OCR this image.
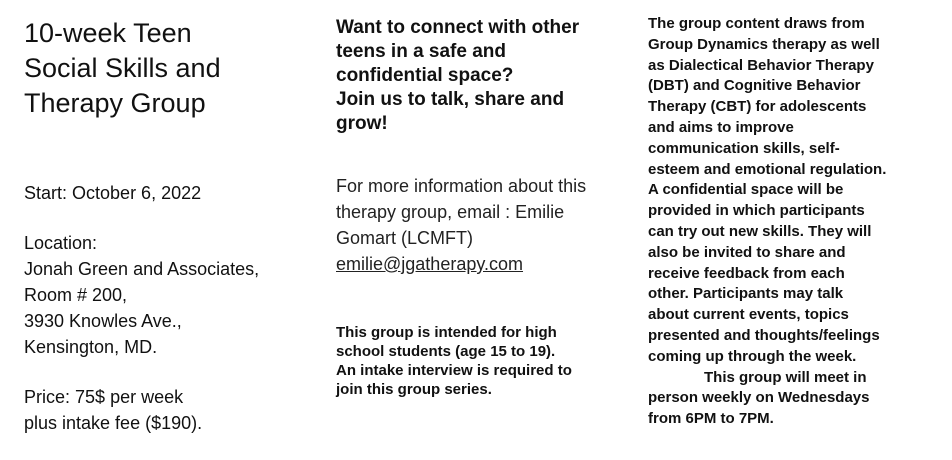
10-week Teen
Social Skills and
Therapy Group

Start: October 6, 2022

Location:
Jonah Green and Associates,
Room # 200,
3930 Knowles Ave.,
Kensington, MD.

Price: 75$ per week
plus intake fee ($190).

Want to connect with other
teens in a safe and
confidential space?
Join us to talk, share and
grow!

For more information about this
therapy group, email : Emilie
Gomart (LCMFT)
emilie@jgatherapy.com

This group is intended for high
school students (age 15 to 19).
An intake interview is required to
join this group series.

The group content draws from
Group Dynamics therapy as well
as Dialectical Behavior Therapy
(DBT) and Cognitive Behavior
Therapy (CBT) for adolescents
and aims to improve
communication skills, self-
esteem and emotional regulation.
A confidential space will be
provided in which participants
can try out new skills. They will
also be invited to share and
receive feedback from each
other. Participants may talk
about current events, topics
presented and thoughts/feelings
coming up through the week.
This group will meet in
person weekly on Wednesdays
from 6PM to 7PM.
